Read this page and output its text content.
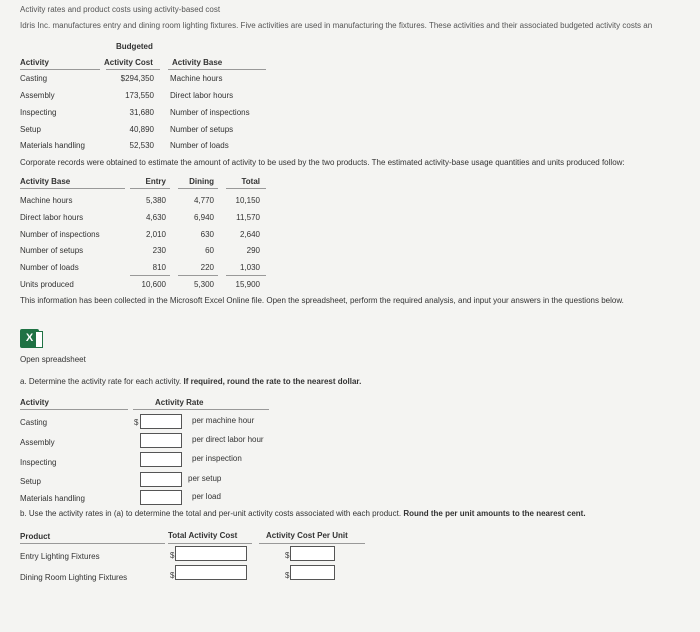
Activity rates and product costs using activity-based cost
Idris Inc. manufactures entry and dining room lighting fixtures. Five activities are used in manufacturing the fixtures. These activities and their associated budgeted activity costs an
Budgeted
Activity	Activity Cost Activity Base
Casting	$294,350 Machine hours
Assembly	173,550 Direct labor hours
Inspecting	31,680 Number of inspections
Setup	40,890 Number of setups
Materials handling	52,530 Number of loads
Corporate records were obtained to estimate the amount of activity to be used by the two products. The estimated activity-base usage quantities and units produced follow:
Activity Base	Entry	Dining	Total
Machine hours	5,380	4,770	10,150
Direct labor hours	4,630	6,940	11,570
Number of inspections	2,010	630	2,640
Number of setups	230	60	290
Number of loads	810	220	1,030
Units produced	10,600	5,300	15,900
This information has been collected in the Microsoft Excel Online file. Open the spreadsheet, perform the required analysis, and input your answers in the questions below.
X
Open spreadsheet
a. Determine the activity rate for each activity. If required, round the rate to the nearest dollar.
Activity	Activity Rate
Casting	$	per machine hour
Assembly	per direct labor hour
Inspecting	per inspection
Setup	per setup
Materials handling	per load
b. Use the activity rates in (a) to determine the total and per-unit activity costs associated with each product. Round the per unit amounts to the nearest cent.
Product	Total Activity Cost	Activity Cost Per Unit
Entry Lighting Fixtures	$	$
Dining Room Lighting Fixtures	$	$
